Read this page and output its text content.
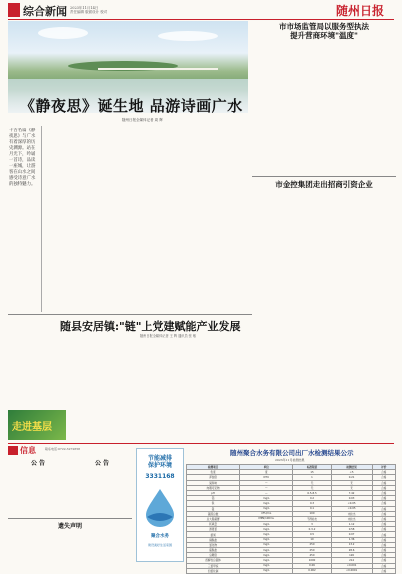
综合新闻 2023年11月14日
责任编辑 版面设计 校对	随州日报
《静夜思》诞生地 品游诗画广水
随州日报全媒体记者 周 辉
千古名篇《静夜思》与广水有着深厚的历史渊源。站在月光下，吟诵一首诗，品读一座城，让游客在山水之间感受诗意广水的独特魅力。
市市场监管局以服务型执法
提升营商环境"温度"
市金控集团走出招商引资企业
随县安居镇:"链"上党建赋能产业发展
随州日报全媒体记者 王 辉 通讯员 张 敏
走进基层
信息	联系电话:0722-3272858
公 告	公 告
遗失声明
节能减排
保护环境
3331168
聚合水务
建设美好生活家园
随州聚合水务有限公司出厂水检测结果公示
2023年11月检测结果
检测项目	单位	标准限值	检测结果	评价
色度	度	15	<5	合格
浑浊度	NTU	1	0.21	合格
臭和味	—	无	无	合格
肉眼可见物	—	无	无	合格
pH	—	6.5-8.5	7.42	合格
铝	mg/L	0.2	0.03	合格
铁	mg/L	0.3	<0.05	合格
锰	mg/L	0.1	<0.05	合格
菌落总数	CFU/mL	100	未检出	合格
总大肠菌群	MPN/100mL	不得检出	未检出	合格
耗氧量	mg/L	3	1.12	合格
游离氯	mg/L	0.3-2	0.58	合格
氨氮	mg/L	0.5	0.07	合格
硝酸盐	mg/L	10	1.36	合格
氯化物	mg/L	250	13.2	合格
硫酸盐	mg/L	250	28.6	合格
总硬度	mg/L	450	126	合格
溶解性总固体	mg/L	1000	214	合格
三氯甲烷	mg/L	0.06	<0.001	合格
四氯化碳	mg/L	0.002	<0.0001	合格
